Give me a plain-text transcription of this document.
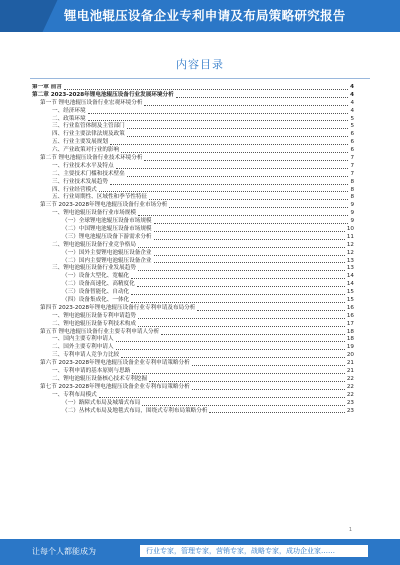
锂电池辊压设备企业专利申请及布局策略研究报告
内容目录
第一章 前言	4
第二章 2023-2028年锂电池辊压设备行业发展环境分析	4
第一节 锂电池辊压设备行业宏观环境分析	4
一、经济环境	4
二、政策环境	5
三、行业监管体制及主管部门	5
四、行业主要法律法规及政策	6
五、行业主要发展规划	6
六、产业政策对行业的影响	6
第二节 锂电池辊压设备行业技术环境分析	7
一、行业技术水平及特点	7
二、主要技术门槛和技术壁垒	7
三、行业技术发展趋势	8
四、行业经营模式	8
五、行业周期性、区域性和季节性特征	8
第三节 2023-2028年锂电池辊压设备行业市场分析	9
一、锂电池辊压设备行业市场规模	9
（一）全球锂电池辊压设备市场规模	9
（二）中国锂电池辊压设备市场规模	10
（三）锂电池辊压设备下游需求分析	11
二、锂电池辊压设备行业竞争格局	12
（一）国外主要锂电池辊压设备企业	12
（二）国内主要锂电池辊压设备企业	13
三、锂电池辊压设备行业发展趋势	13
（一）设备大型化、宽幅化	14
（二）设备高速化、高精度化	14
（三）设备智能化、自动化	15
（四）设备集成化、一体化	15
第四节 2023-2028年锂电池辊压设备行业专利申请及布局分析	16
一、锂电池辊压设备专利申请趋势	16
二、锂电池辊压设备专利技术构成	17
第五节 锂电池辊压设备行业主要专利申请人分析	18
一、国内主要专利申请人	18
二、国外主要专利申请人	19
三、专利申请人竞争力比较	20
第六节 2023-2028年锂电池辊压设备企业专利申请策略分析	21
一、专利申请的基本原则与思路	21
二、锂电池辊压设备核心技术专利挖掘	22
第七节 2023-2028年锂电池辊压设备企业专利布局策略分析	22
一、专利布局模式	22
（一）路障式布局及城墙式布局	23
（二）丛林式布局及地毯式布局，围绕式专利布局策略分析	23
1
让每个人都能成为	行业专家，管理专家，营销专家，战略专家，成功企业家……
